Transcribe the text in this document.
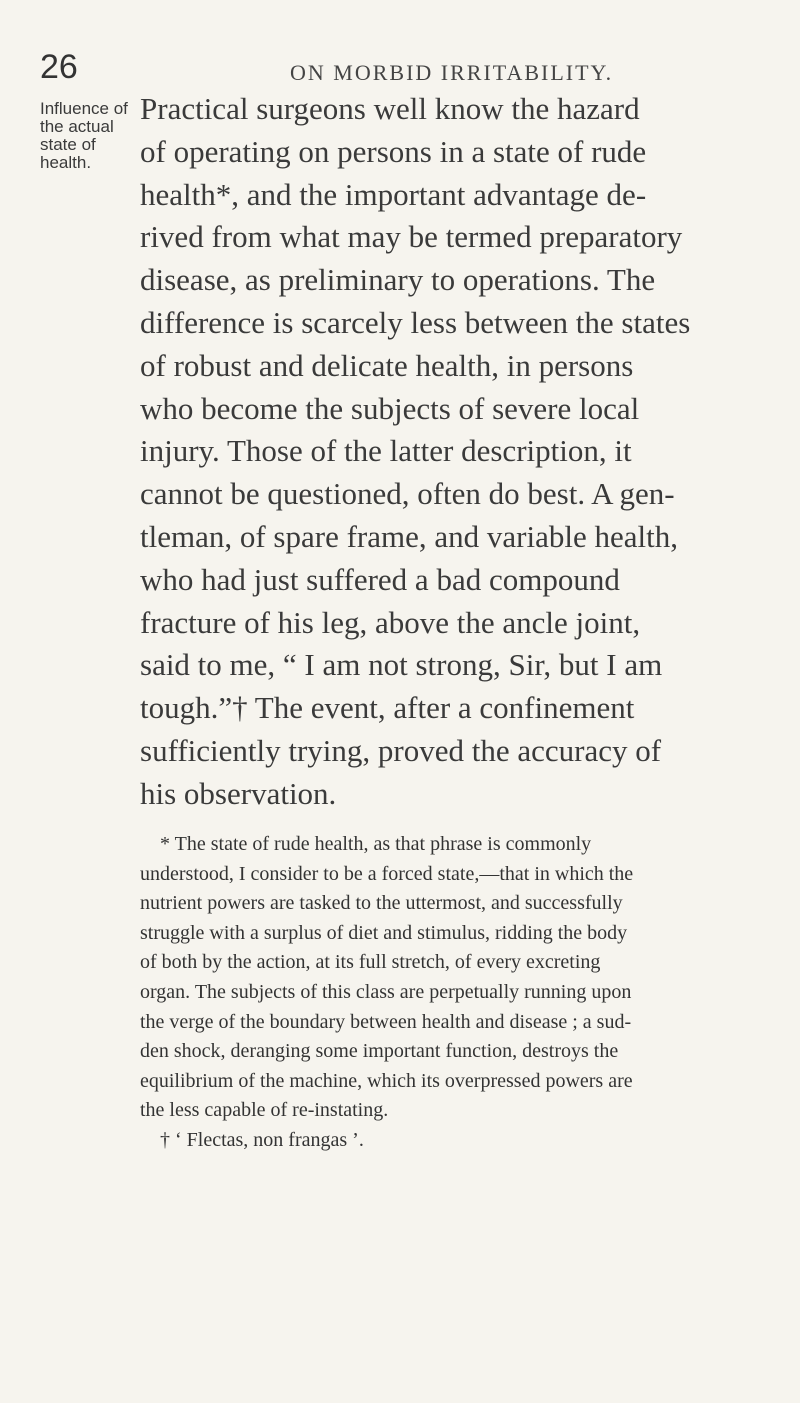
26	ON MORBID IRRITABILITY.
Influence of
the actual
state of
health.

Practical surgeons well know the hazard
of operating on persons in a state of rude
health*, and the important advantage de-
rived from what may be termed preparatory
disease, as preliminary to operations. The
difference is scarcely less between the states
of robust and delicate health, in persons
who become the subjects of severe local
injury. Those of the latter description, it
cannot be questioned, often do best. A gen-
tleman, of spare frame, and variable health,
who had just suffered a bad compound
fracture of his leg, above the ancle joint,
said to me, “ I am not strong, Sir, but I am
tough.”† The event, after a confinement
sufficiently trying, proved the accuracy of
his observation.

* The state of rude health, as that phrase is commonly
understood, I consider to be a forced state,—that in which the
nutrient powers are tasked to the uttermost, and successfully
struggle with a surplus of diet and stimulus, ridding the body
of both by the action, at its full stretch, of every excreting
organ. The subjects of this class are perpetually running upon
the verge of the boundary between health and disease ; a sud-
den shock, deranging some important function, destroys the
equilibrium of the machine, which its overpressed powers are
the less capable of re-instating.
† ‘ Flectas, non frangas ’.
